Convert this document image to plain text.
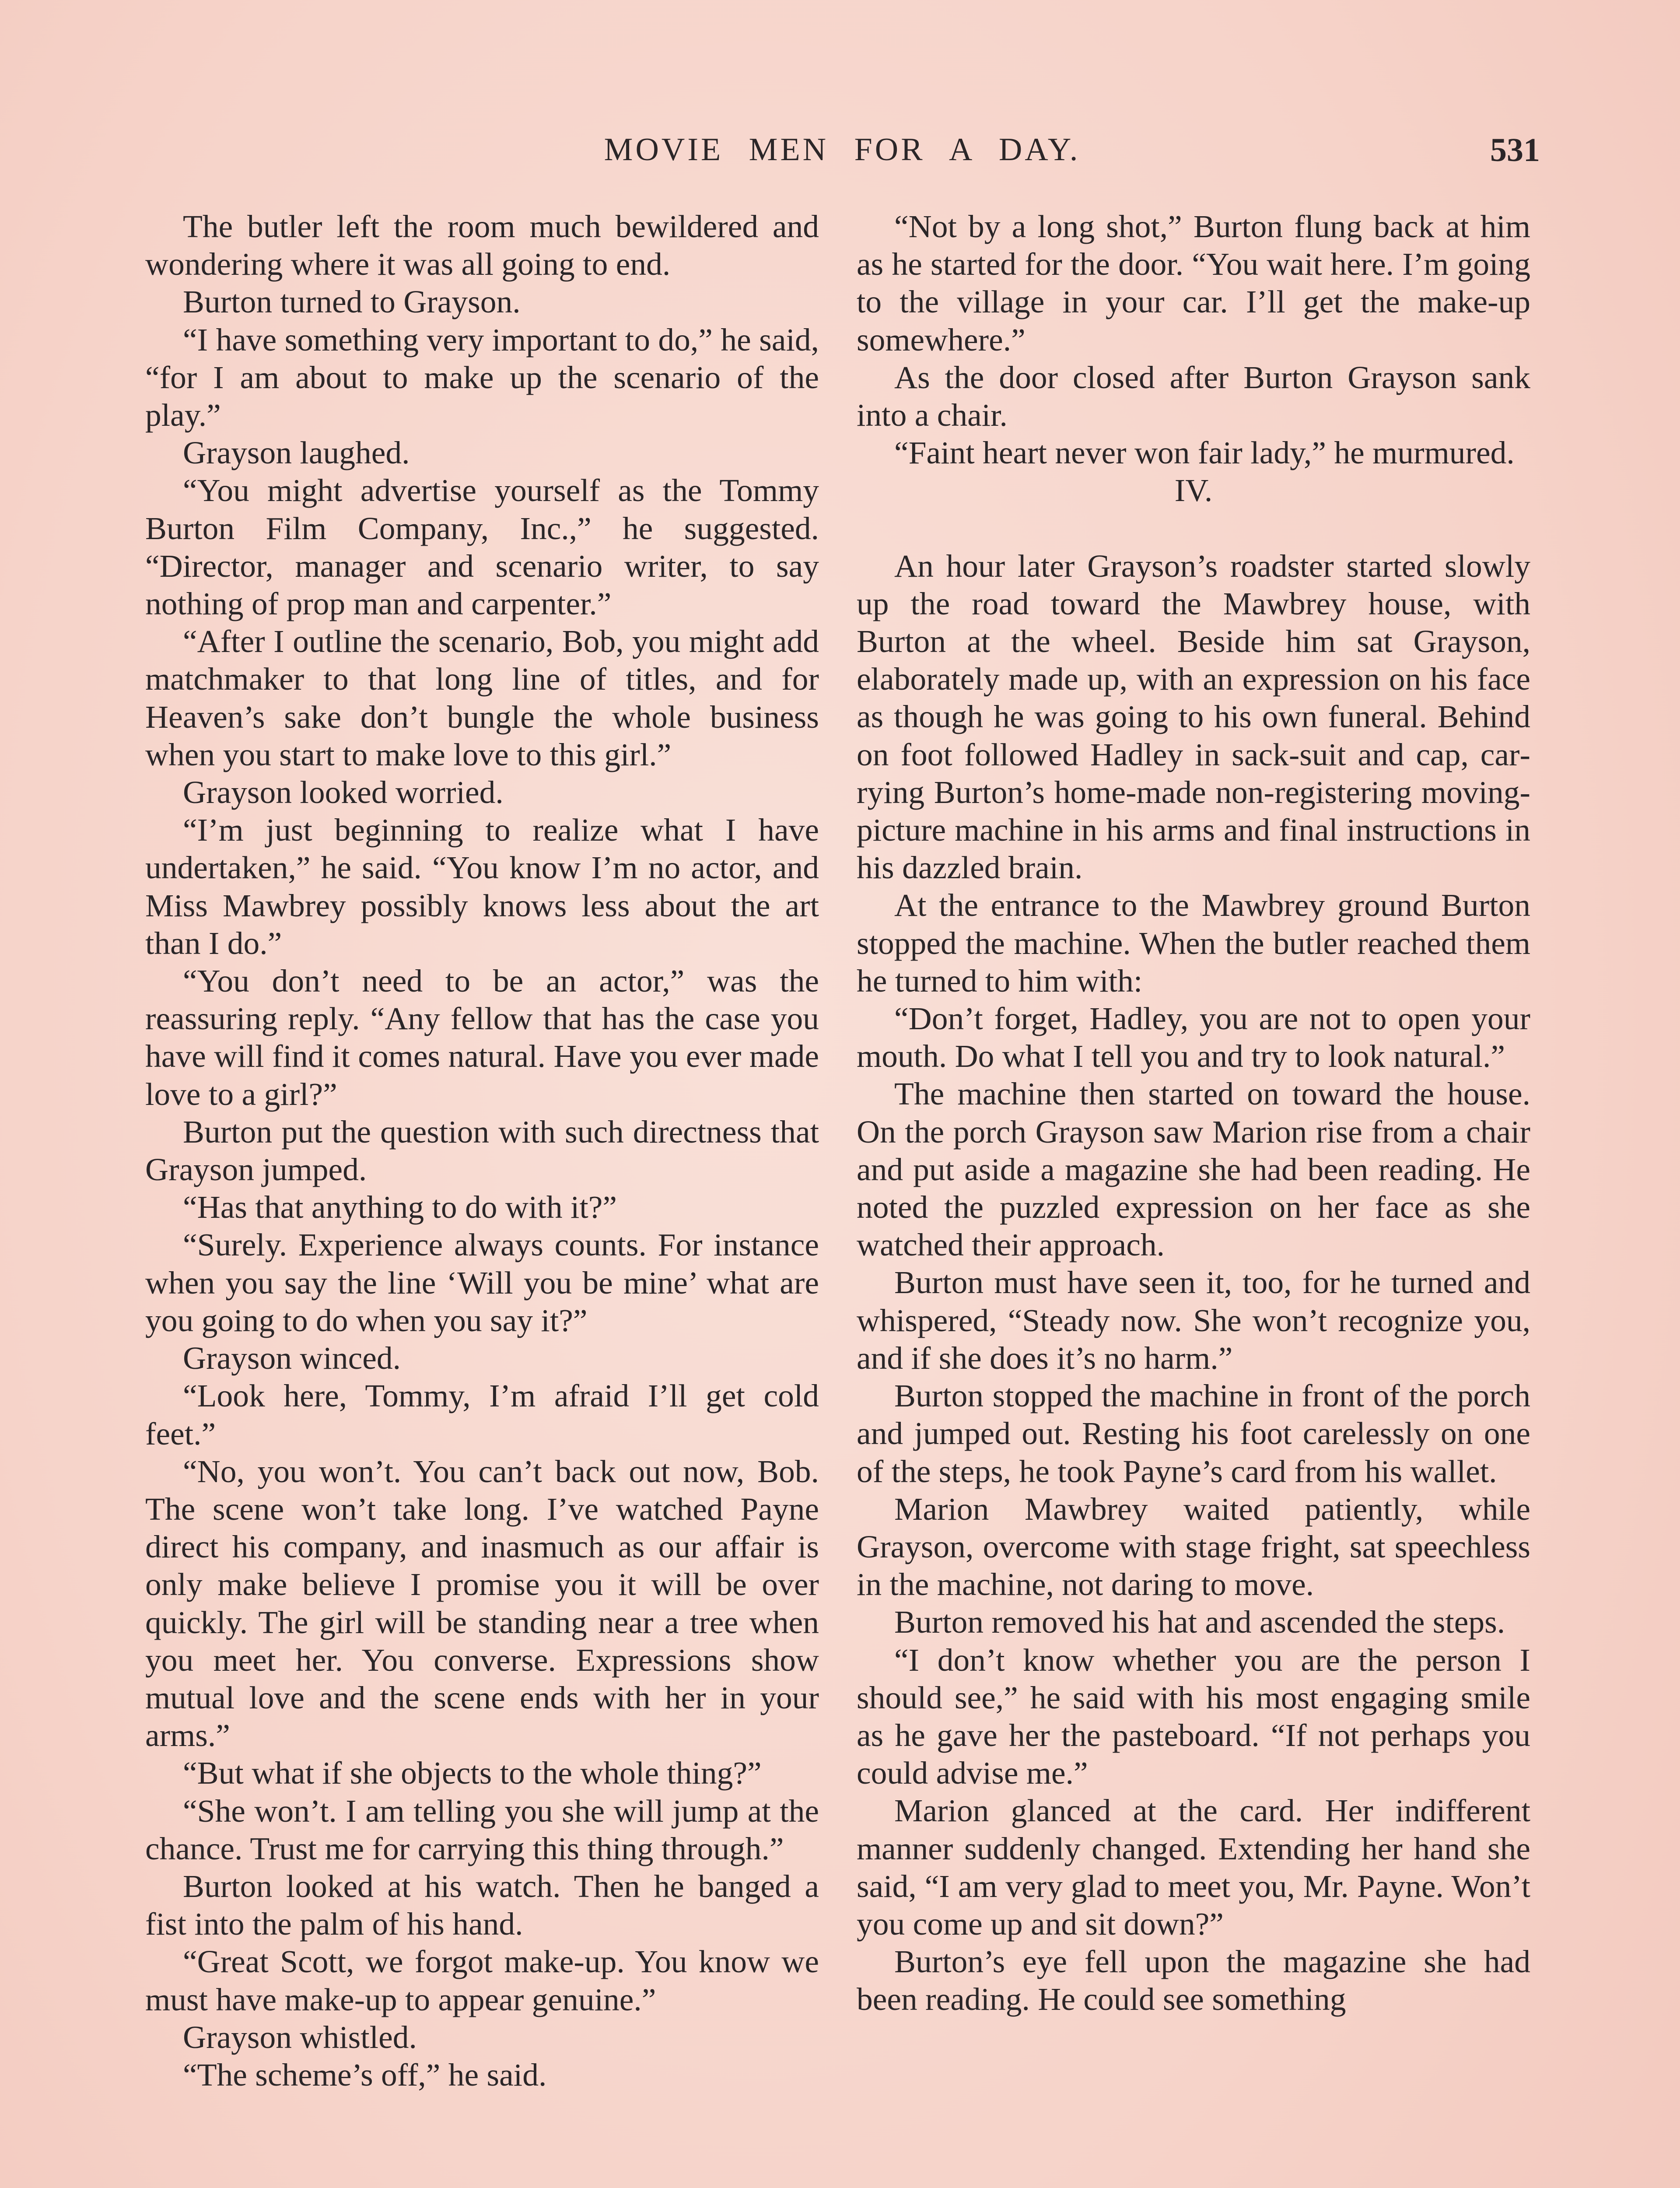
MOVIE MEN FOR A DAY.	531

The butler left the room much bewildered and wondering where it was all going to end.

Burton turned to Grayson.

“I have something very important to do,” he said, “for I am about to make up the scenario of the play.”

Grayson laughed.

“You might advertise yourself as the Tommy Burton Film Company, Inc.,” he suggested. “Director, manager and scenario writer, to say nothing of prop man and carpenter.”

“After I outline the scenario, Bob, you might add matchmaker to that long line of titles, and for Heaven’s sake don’t bungle the whole business when you start to make love to this girl.”

Grayson looked worried.

“I’m just beginning to realize what I have undertaken,” he said. “You know I’m no actor, and Miss Mawbrey possibly knows less about the art than I do.”

“You don’t need to be an actor,” was the reassuring reply. “Any fellow that has the case you have will find it comes natural. Have you ever made love to a girl?”

Burton put the question with such directness that Grayson jumped.

“Has that anything to do with it?”

“Surely. Experience always counts. For instance when you say the line ‘Will you be mine’ what are you going to do when you say it?”

Grayson winced.

“Look here, Tommy, I’m afraid I’ll get cold feet.”

“No, you won’t. You can’t back out now, Bob. The scene won’t take long. I’ve watched Payne direct his company, and inasmuch as our affair is only make believe I promise you it will be over quickly. The girl will be standing near a tree when you meet her. You converse. Expressions show mutual love and the scene ends with her in your arms.”

“But what if she objects to the whole thing?”

“She won’t. I am telling you she will jump at the chance. Trust me for carrying this thing through.”

Burton looked at his watch. Then he banged a fist into the palm of his hand.

“Great Scott, we forgot make-up. You know we must have make-up to appear genuine.”

Grayson whistled.

“The scheme’s off,” he said.

“Not by a long shot,” Burton flung back at him as he started for the door. “You wait here. I’m going to the village in your car. I’ll get the make-up somewhere.”

As the door closed after Burton Grayson sank into a chair.

“Faint heart never won fair lady,” he murmured.

IV.

An hour later Grayson’s roadster started slowly up the road toward the Mawbrey house, with Burton at the wheel. Beside him sat Grayson, elaborately made up, with an expression on his face as though he was going to his own funeral. Behind on foot followed Hadley in sack-suit and cap, carrying Burton’s home-made non-registering moving-picture machine in his arms and final instructions in his dazzled brain.

At the entrance to the Mawbrey ground Burton stopped the machine. When the butler reached them he turned to him with:

“Don’t forget, Hadley, you are not to open your mouth. Do what I tell you and try to look natural.”

The machine then started on toward the house. On the porch Grayson saw Marion rise from a chair and put aside a magazine she had been reading. He noted the puzzled expression on her face as she watched their approach.

Burton must have seen it, too, for he turned and whispered, “Steady now. She won’t recognize you, and if she does it’s no harm.”

Burton stopped the machine in front of the porch and jumped out. Resting his foot carelessly on one of the steps, he took Payne’s card from his wallet.

Marion Mawbrey waited patiently, while Grayson, overcome with stage fright, sat speechless in the machine, not daring to move.

Burton removed his hat and ascended the steps.

“I don’t know whether you are the person I should see,” he said with his most engaging smile as he gave her the pasteboard. “If not perhaps you could advise me.”

Marion glanced at the card. Her indifferent manner suddenly changed. Extending her hand she said, “I am very glad to meet you, Mr. Payne. Won’t you come up and sit down?”

Burton’s eye fell upon the magazine she had been reading. He could see something
